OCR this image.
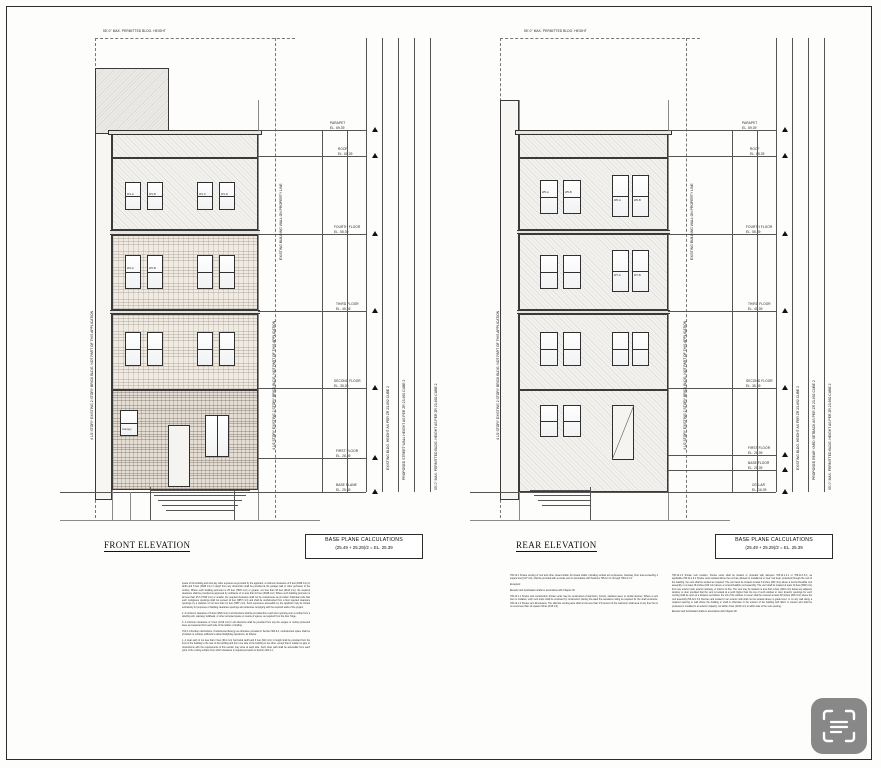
55'-0" MAX. PERMITTED BLDG. HEIGHT
W1-A	W1-B	W1-C	W1-D
W2-A	W2-B
Canopy
PARAPET
EL. 69.39
ROOF
EL. 65.39
FOURTH FLOOR
EL. 55.39
THIRD FLOOR
EL. 45.39
SECOND FLOOR
EL. 35.39
FIRST FLOOR
EL. 26.39
BASE PLANE
EL. 25.39
4 1/2 STORY EXISTING 2 STORY BRICK BLDG. NOT PART OF THIS APPLICATION
EXISTING BUILDING WALL ON PROPERTY LINE
4 1/2 STORY EXISTING 2 STORY BRICK BLDG. NOT PART OF THIS APPLICATION	EXISTING BLDG. HEIGHT AS PER ZR 23-692 CUBE 2	PROPOSED STREET WALL HEIGHT AS PER ZR 23-692 CUBE 2	55'-0" MAX. PERMITTED BLDG. HEIGHT AS PER ZR 23-692 CUBE 2
FRONT ELEVATION	BASE PLANE CALCULATIONS
(25.49 + 25.29)/2 = EL. 25.39
55'-0" MAX. PERMITTED BLDG. HEIGHT
W5-A	W5-B
W6-A	W6-B
W7-A	W7-B
PARAPET
EL. 69.39
ROOF
EL. 65.39
FOURTH FLOOR
EL. 55.39
THIRD FLOOR
EL. 45.39
SECOND FLOOR
EL. 35.39
FIRST FLOOR
EL. 26.39
BASE FLOOR
EL. 25.39
CELLAR
EL. 16.39
4 1/2 STORY EXISTING 2 STORY BRICK BLDG. NOT PART OF THIS APPLICATION
EXISTING BUILDING WALL ON PROPERTY LINE
4 1/2 STORY EXISTING 2 STORY BRICK BLDG. NOT PART OF THIS APPLICATION	EXISTING BLDG. HEIGHT AS PER ZR 23-692 CUBE 2	PROPOSED REAR YARD SETBACK AS PER ZR 23-692 CUBE 2	55'-0" MAX. PERMITTED BLDG. HEIGHT AS PER ZR 23-692 CUBE 2
REAR ELEVATION	BASE PLANE CALCULATIONS
(25.49 + 25.29)/2 = EL. 25.39

space of the building and shut any other exposure as provided by the applicant, a minimum clearance of 6 feet (1828 mm) in width and 6 feet (1828 mm) in depth from any obstruction shall be provided at the parapet wall or other perimeter of the rooftop. Where such building perimeter is 25 feet (7620 mm) or greater, not less than 30 feet (9144 mm), the required clearance shall be provided as approved by ordinance of no less than 10 feet (3048 mm). Where such building perimeter is far less than 25 ft (7620 mm) or smaller, the required clearance shall not be conspicuous as provided. Individual units that such contiguous openings shall not exceed 12 feet (3657 mm) and shall be unobstructed from a floor rejected clearance openings by a distance of not less than 12 feet (3657 mm). Such exposures accessible by the applicant may be limited exclusively for purposes of building clearance openings and otherwise complying with the required walls of the project.

2. A minimum clearance of 6 feet (1829 mm) in all directions shall be provided from each door opening onto a rooftop from a dwelling unit, stairway, bulkhead, or other occupied space or means of egress, as required from the door hinge.

3. A minimum clearance of 4 feet (1219 mm) in all directions shall be provided from any fire escape or rooftop protected area, as measured from each side of the ladder or landing.

704.4.1 Rooftop obstructions. Unobstructed Energy as otherwise provided in Section 904.9.2, unobstructed space shall be provided on rooftops sufficient to allow firefighting operations, as follows:

1. A clear path of not less than 3 feet (914 mm) horizontal width and 3 feet (914 mm) in height shall be provided from the front of the building to the rear of the building and from one side of the building to the other, except that in relation to pipe or obstructions with the requirements of this section may arise at each side. Such clear path shall be accessible from each point of the roofing surface from which clearance is required pursuant to Section 404.4.1.

706.12.1 Smoke venting of roof and other closed shafts. All closed shafts, including vertical exit enclosures, hoistway, floor area exceeding 4 square feet (0.37 m2), shall be provided with a smoke vent in accordance with Sections 706.12.1.1 through 706.12.1.3.

Exception:

Elevator and dumbwaiter shafts in accordance with Chapter 30.

706.12.1.1 Smoke vent construction Smoke vents may be constructed of aluminum, bronze, stainless steel, or similar devices. Where a vent duct is installed, such vent ducts shall be enclosed by construction having fire-rated fire-resistance rating as required for the shaft enclosure. 706.12.1.2 Smoke vent dimensions. The effective venting area shall not be less than 3.5 percent of the maximum shaft area of any floor but in no event less than 12 square inches (0.05 m2).

706.12.1.3 Smoke vent location. Smoke vents shall be located or provided with dampers 706.12.1.4.1 or 706.12.1.5.2, as applicable.706.12.1.6.1 Smoke vents located above the roof are allowed or installed at or near roof level, protected through the roof of the building, the vent shall be located as required. The vent level be located at least 6 inches (203 mm) above a noncombustible roof assembly or at least 18 inches (610 mm) above a noncombustible roof assembly. The vent shall be located at least 10 feet (3048 mm) from any exterior wall, exterior stairway, or interior lot line. The vent may be located no less than 4 feet (1219 mm) below any adjacent window, or door provided that the vent is located at a point higher than the top of such window or door, Exterior openings for such venting shall be open at a distance as follows: the sill of the window or louver shall be covered at least 48 inches (818 mm) above the roof assembly.706.12.1.5.2 Devices and located in an exterior wall shall not be located above a grade level, or on any wall along a required opening or wall where the building or shaft is otherwise in the exterior of the building with fabric or louvers and shall be protected or installed in an exterior capacity, not within 4 feet (1219 mm) to within side of the vent opening.

Elevator and dumbwaiter shafts in accordance with Chapter 30.
